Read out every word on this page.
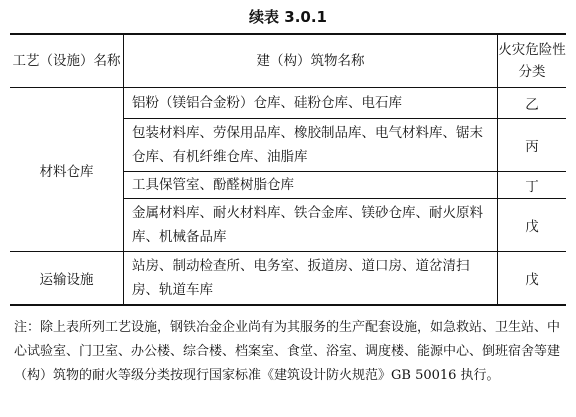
续表 3.0.1
工艺（设施）名称	建（构）筑物名称	火灾危险性分类
材料仓库	铝粉（镁铝合金粉）仓库、硅粉仓库、电石库	乙
	包装材料库、劳保用品库、橡胶制品库、电气材料库、锯末仓库、有机纤维仓库、油脂库	丙
	工具保管室、酚醛树脂仓库	丁
	金属材料库、耐火材料库、铁合金库、镁砂仓库、耐火原料库、机械备品库	戊
运输设施	站房、制动检查所、电务室、扳道房、道口房、道岔清扫房、轨道车库	戊
注：除上表所列工艺设施，钢铁冶金企业尚有为其服务的生产配套设施，如急救站、卫生站、中心试验室、门卫室、办公楼、综合楼、档案室、食堂、浴室、调度楼、能源中心、倒班宿舍等建（构）筑物的耐火等级分类按现行国家标准《建筑设计防火规范》GB 50016 执行。
